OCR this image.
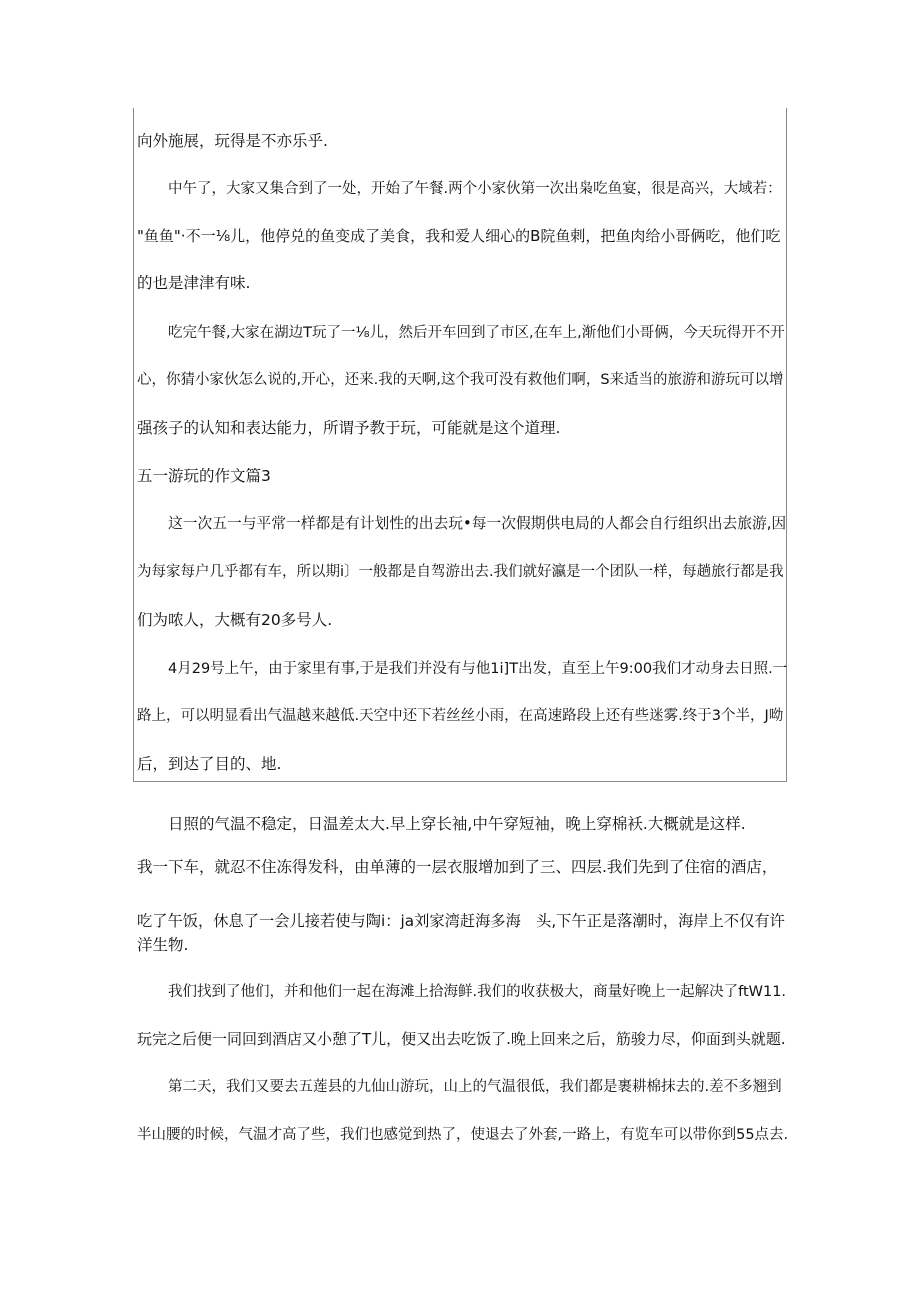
向外施展，玩得是不亦乐乎.
中午了，大家又集合到了一处，开始了午餐.两个小家伙第一次出枭吃鱼宴，很是高兴，大域若：
"鱼鱼"·不一⅛儿，他停兑的鱼变成了美食，我和爱人细心的B院鱼剌，把鱼肉给小哥俩吃，他们吃
的也是津津有味.
吃完午餐,大家在湖边T玩了一⅛儿，然后开车回到了市区,在车上,渐他们小哥俩，今天玩得开不开
心，你猜小家伙怎么说的,开心，还来.我的天啊,这个我可没有救他们啊，S来适当的旅游和游玩可以增
强孩子的认知和表达能力，所谓予教于玩，可能就是这个道理.
五一游玩的作文篇3
这一次五一与平常一样都是有计划性的出去玩•每一次假期供电局的人都会自行组织出去旅游,因
为每家每户几乎都有车，所以期i〕一般都是自驾游出去.我们就好瀛是一个团队一样，每趟旅行都是我
们为哝人，大概有20多号人.
4月29号上午，由于家里有事,于是我们并没有与他1i]T出发，直至上午9:00我们才动身去日照.一
路上，可以明显看出气温越来越低.天空中还下若丝丝小雨，在高速路段上还有些迷雾.终于3个半，J呦
后，到达了目的、地.
日照的气温不稳定，日温差太大.早上穿长袖,中午穿短袖，晚上穿棉袄.大概就是这样.
我一下车，就忍不住冻得发科，由单薄的一层衣服增加到了三、四层.我们先到了住宿的酒店，
吃了午饭，休息了一会儿接若使与陶i：ja刘家湾赶海多海　头,下午正是落潮时，海岸上不仅有许
洋生物.
我们找到了他们，并和他们一起在海滩上拾海鲜.我们的收获极大，商量好晚上一起解决了ftW11.
玩完之后便一同回到酒店又小憩了T儿，便又出去吃饭了.晚上回来之后，筋骏力尽，仰面到头就题.
第二天，我们又要去五莲县的九仙山游玩，山上的气温很低，我们都是裹耕棉抹去的.差不多翘到
半山腰的时候，气温才高了些，我们也感觉到热了，使退去了外套,一路上，有览车可以带你到55点去.
